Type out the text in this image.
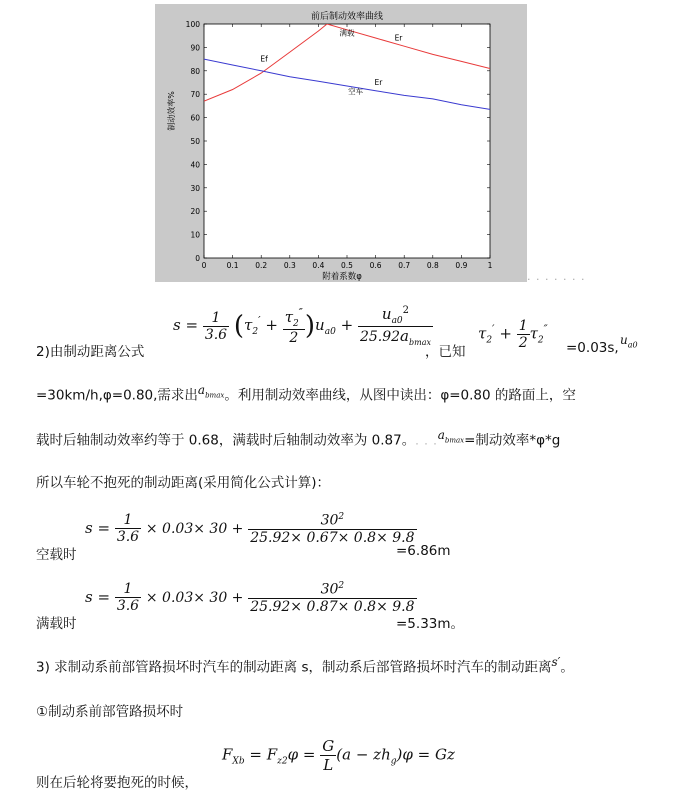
前后制动效率曲线
0	0.1 0.2 0.3 0.4 0.5 0.6 0.7 0.8 0.9	1
0
10
20
30
40
50
60
70
80
90
100
附着系数φ
制动效率%
满载
Er
Ef
Er
空车
. . . . . . .
$s = \frac{1}{3.6} (\tau_2' + \frac{\tau_2''}{2} )u_{a0} + \frac{u_{a0}^2}{25.92a_{bmax}}$
2)由制动距离公式	，已知
$\tau_2' + \frac{1}{2} \tau_2''$
=0.03s, $u_{a0}$
=30km/h,φ=0.80,需求出$a_{bmax}$。利用制动效率曲线，从图中读出：φ=0.80 的路面上，空
载时后轴制动效率约等于 0.68，满载时后轴制动效率为 0.87。. . $.a_{bmax}=$制动效率*φ*g
所以车轮不抱死的制动距离(采用简化公式计算)：
空载时
$s = \frac{1}{3.6} \times 0.03\times 30 + \frac{30^2}{25.92\times 0.67\times 0.8\times 9.8}$
=6.86m
满载时
$s = \frac{1}{3.6} \times 0.03\times 30 + \frac{30^2}{25.92\times 0.87\times 0.8\times 9.8}$
=5.33m。
3) 求制动系前部管路损坏时汽车的制动距离 s，制动系后部管路损坏时汽车的制动距离s′。
①制动系前部管路损坏时
$F_{Xb} = F_{z2}\varphi = \frac{G}{L} (a - zh_g)\varphi = Gz$
则在后轮将要抱死的时候，
